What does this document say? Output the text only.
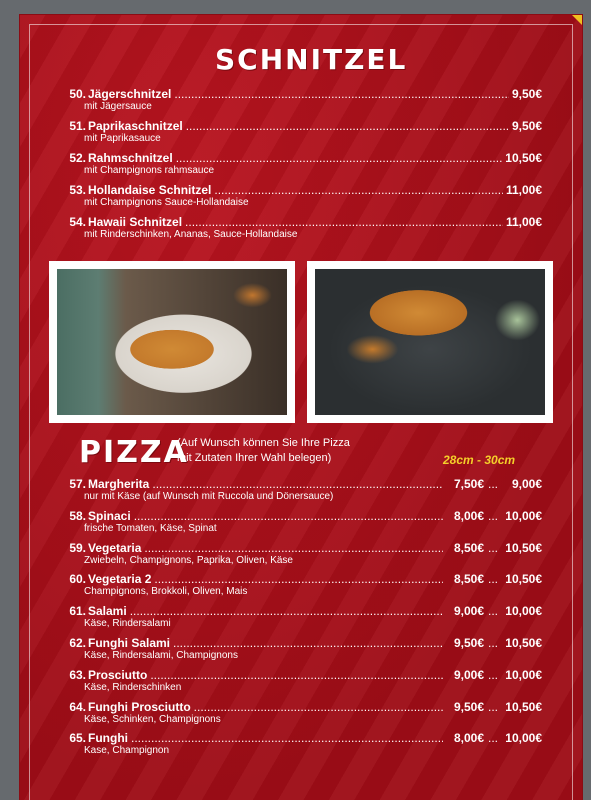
SCHNITZEL
50. Jägerschnitzel .....	9,50€
mit Jägersauce
51. Paprikaschnitzel .....	9,50€
mit Paprikasauce
52. Rahmschnitzel .....	10,50€
mit Champignons rahmsauce
53. Hollandaise Schnitzel .....	11,00€
mit Champignons Sauce-Hollandaise
54. Hawaii Schnitzel .....	11,00€
mit Rinderschinken, Ananas, Sauce-Hollandaise
PIZZA
(Auf Wunsch können Sie Ihre Pizza
mit Zutaten Ihrer Wahl belegen)	28cm - 30cm
57. Margherita .....	7,50€ ...	9,00€
nur mit Käse (auf Wunsch mit Ruccola und Dönersauce)
58. Spinaci .....	8,00€ ... 10,00€
frische Tomaten, Käse, Spinat
59. Vegetaria .....	8,50€ ... 10,50€
Zwiebeln, Champignons, Paprika, Oliven, Käse
60. Vegetaria 2 .....	8,50€ ... 10,50€
Champignons, Brokkoli, Oliven, Mais
61. Salami .....	9,00€ ... 10,00€
Käse, Rindersalami
62. Funghi Salami .....	9,50€ ... 10,50€
Käse, Rindersalami, Champignons
63. Prosciutto .....	9,00€ ... 10,00€
Käse, Rinderschinken
64. Funghi Prosciutto .....	9,50€ ... 10,50€
Käse, Schinken, Champignons
65. Funghi .....	8,00€ ... 10,00€
Kase, Champignon
